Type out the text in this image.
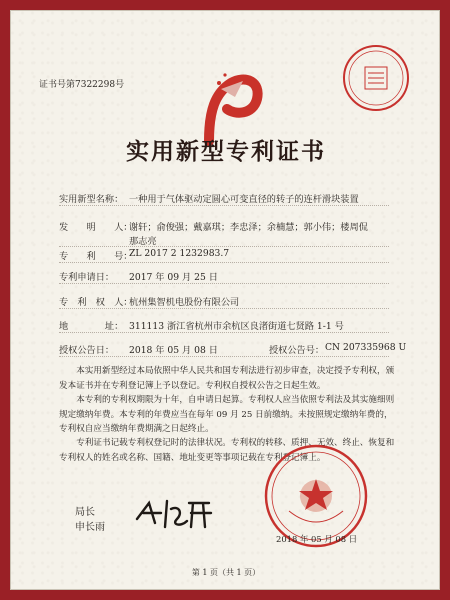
证书号第7322298号
实用新型专利证书
实用新型名称： 一种用于气体驱动定圆心可变直径的转子的连杆滑块装置
发　　明　　人：
谢轩；俞俊强；戴嘉琪；李忠泽；余楠慧；郭小伟；楼周侃
那志亮
专　　利　　号：
ZL 2017 2 1232983.7
专利申请日： 2017 年 09 月 25 日
专　利　权　人：
杭州集智机电股份有限公司
地　　　　址： 311113 浙江省杭州市余杭区良渚街道七贤路 1-1 号
授权公告日： 2018 年 05 月 08 日	授权公告号： CN 207335968 U
本实用新型经过本局依照中华人民共和国专利法进行初步审查，决定授予专利权，颁发本证书并在专利登记簿上予以登记。专利权自授权公告之日起生效。
本专利的专利权期限为十年，自申请日起算。专利权人应当依照专利法及其实施细则规定缴纳年费。本专利的年费应当在每年 09 月 25 日前缴纳。未按照规定缴纳年费的，专利权自应当缴纳年费期满之日起终止。
专利证书记载专利权登记时的法律状况。专利权的转移、质押、无效、终止、恢复和专利权人的姓名或名称、国籍、地址变更等事项记载在专利登记簿上。
局长
申长雨
2018 年 05 月 08 日
第 1 页（共 1 页）
